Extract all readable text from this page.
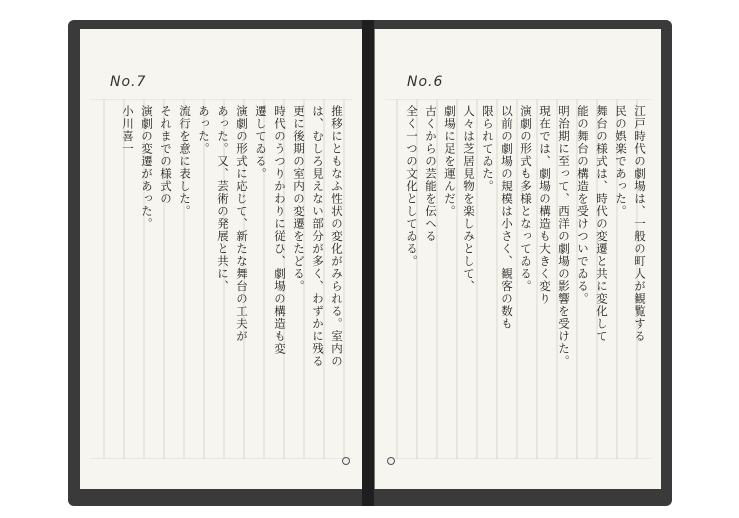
No.7
推移にともなふ性状の変化がみられる。室内の
は、むしろ見えない部分が多く、わずかに残る
更に後期の室内の変遷をたどる。
時代のうつりかわりに従ひ、劇場の構造も変
遷してゐる。
演劇の形式に応じて、新たな舞台の工夫が
あった。又、芸術の発展と共に、
あった。
流行を意に表した。
それまでの様式の
演劇の変遷があった。
小川喜一
No.6
江戸時代の劇場は、一般の町人が観覧する
民の娯楽であった。
舞台の様式は、時代の変遷と共に変化して
能の舞台の構造を受けついでゐる。
明治期に至って、西洋の劇場の影響を受けた。
現在では、劇場の構造も大きく変り
演劇の形式も多様となってゐる。
以前の劇場の規模は小さく、観客の数も
限られてゐた。
人々は芝居見物を楽しみとして、
劇場に足を運んだ。
古くからの芸能を伝へる
全く一つの文化としてゐる。
